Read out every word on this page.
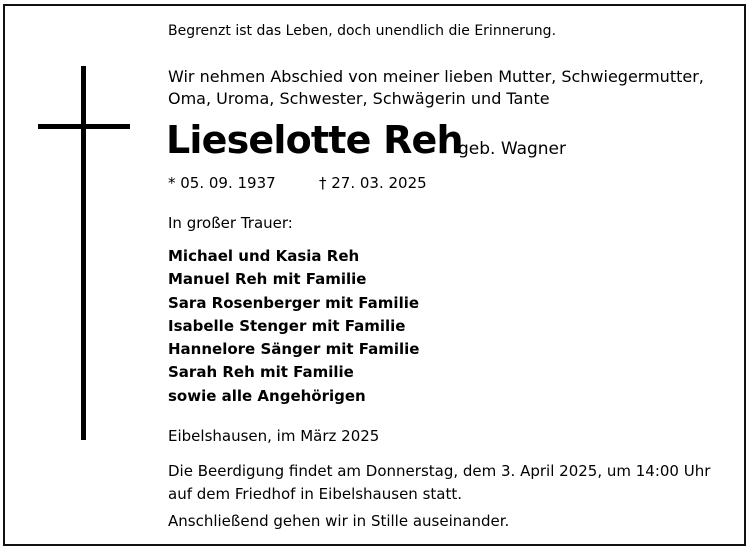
Begrenzt ist das Leben, doch unendlich die Erinnerung.
Wir nehmen Abschied von meiner lieben Mutter, Schwiegermutter, Oma, Uroma, Schwester, Schwägerin und Tante
Lieselotte Reh
geb. Wagner
* 05. 09. 1937	† 27. 03. 2025
In großer Trauer:
Michael und Kasia Reh
Manuel Reh mit Familie
Sara Rosenberger mit Familie
Isabelle Stenger mit Familie
Hannelore Sänger mit Familie
Sarah Reh mit Familie
sowie alle Angehörigen
Eibelshausen, im März 2025
Die Beerdigung findet am Donnerstag, dem 3. April 2025, um 14:00 Uhr auf dem Friedhof in Eibelshausen statt.
Anschließend gehen wir in Stille auseinander.
